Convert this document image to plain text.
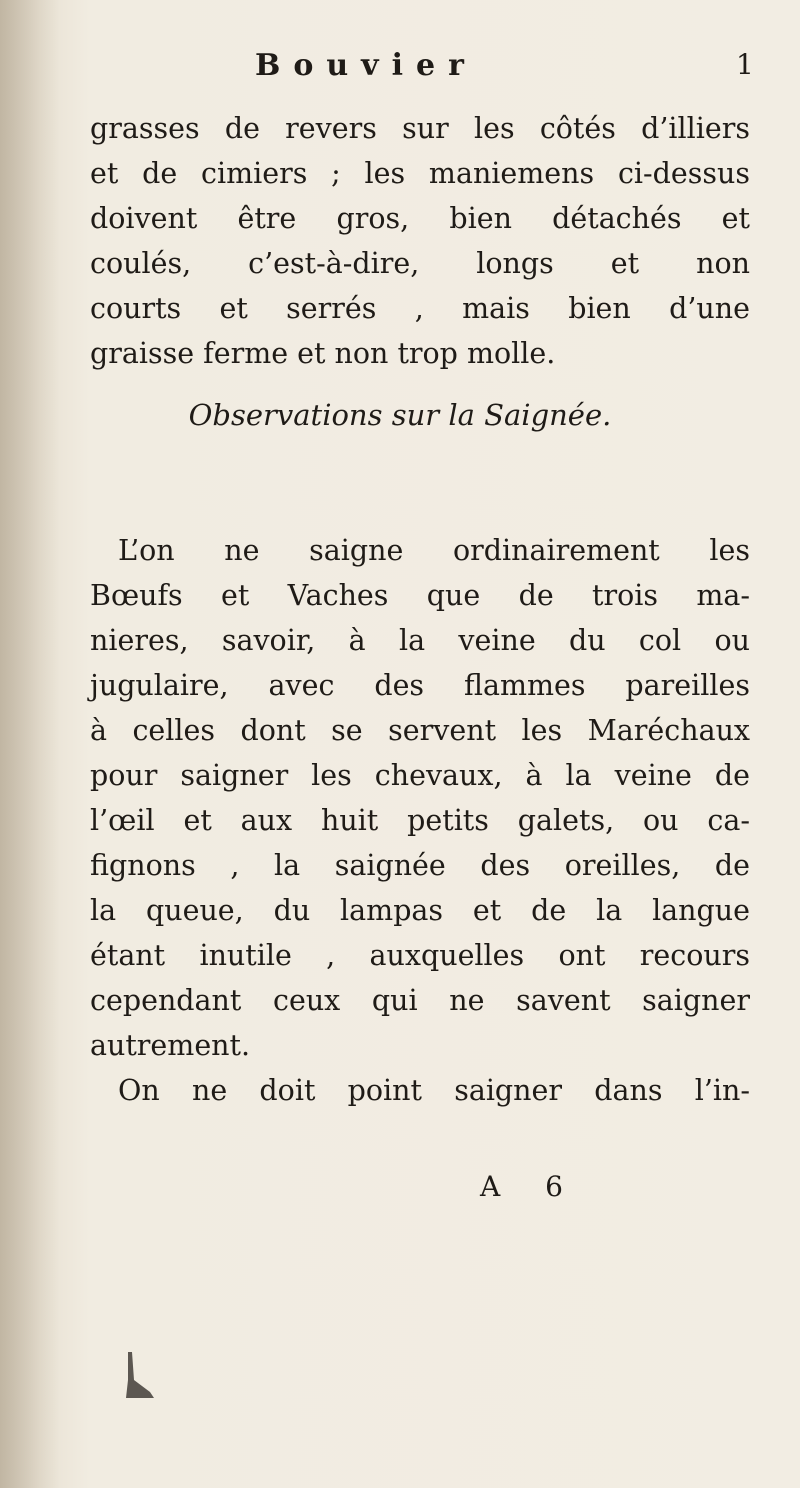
Bouvier	1
grasses de revers sur les côtés d’illiers
et de cimiers ; les maniemens ci-dessus
doivent être gros, bien détachés et
coulés, c’est-à-dire, longs et non
courts et serrés , mais bien d’une
graisse ferme et non trop molle.
Observations sur la Saignée.
L’on ne saigne ordinairement les
Bœufs et Vaches que de trois ma-
nieres, savoir, à la veine du col ou
jugulaire, avec des flammes pareilles
à celles dont se servent les Maréchaux
pour saigner les chevaux, à la veine de
l’œil et aux huit petits galets, ou ca-
fignons , la saignée des oreilles, de
la queue, du lampas et de la langue
étant inutile , auxquelles ont recours
cependant ceux qui ne savent saigner
autrement.
On ne doit point saigner dans l’in-
A 6
